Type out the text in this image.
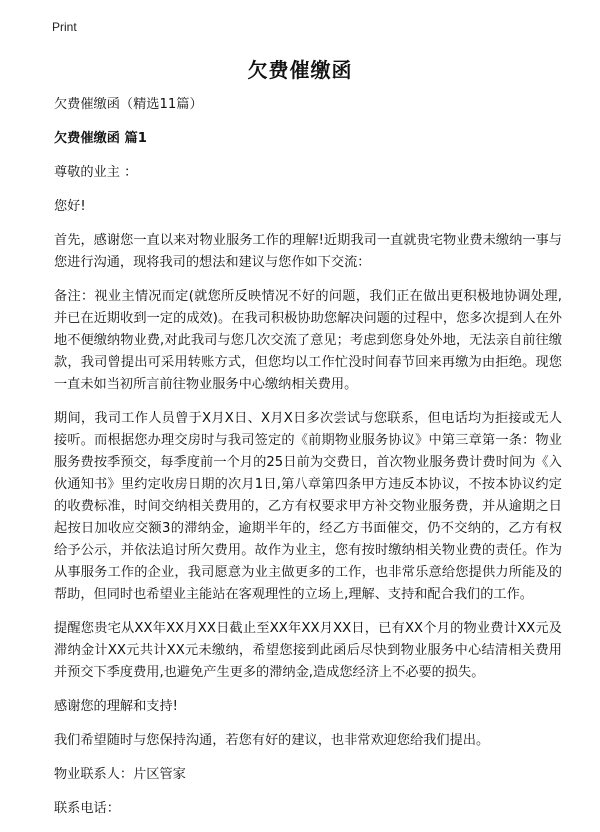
Print
欠费催缴函

欠费催缴函（精选11篇）

欠费催缴函 篇1

尊敬的业主 ：

您好!

首先，感谢您一直以来对物业服务工作的理解!近期我司一直就贵宅物业费未缴纳一事与您进行沟通，现将我司的想法和建议与您作如下交流：

备注：视业主情况而定(就您所反映情况不好的问题，我们正在做出更积极地协调处理,并已在近期收到一定的成效)。在我司积极协助您解决问题的过程中，您多次提到人在外地不便缴纳物业费,对此我司与您几次交流了意见；考虑到您身处外地，无法亲自前往缴款，我司曾提出可采用转账方式，但您均以工作忙没时间春节回来再缴为由拒绝。现您一直未如当初所言前往物业服务中心缴纳相关费用。

期间，我司工作人员曾于X月X日、X月X日多次尝试与您联系，但电话均为拒接或无人接听。而根据您办理交房时与我司签定的《前期物业服务协议》中第三章第一条：物业服务费按季预交，每季度前一个月的25日前为交费日，首次物业服务费计费时间为《入伙通知书》里约定收房日期的次月1日,第八章第四条甲方违反本协议，不按本协议约定的收费标准，时间交纳相关费用的，乙方有权要求甲方补交物业服务费，并从逾期之日起按日加收应交额3的滞纳金，逾期半年的，经乙方书面催交，仍不交纳的，乙方有权给予公示，并依法追讨所欠费用。故作为业主，您有按时缴纳相关物业费的责任。作为从事服务工作的企业，我司愿意为业主做更多的工作，也非常乐意给您提供力所能及的帮助，但同时也希望业主能站在客观理性的立场上,理解、支持和配合我们的工作。

提醒您贵宅从XX年XX月XX日截止至XX年XX月XX日，已有XX个月的物业费计XX元及滞纳金计XX元共计XX元未缴纳，希望您接到此函后尽快到物业服务中心结清相关费用并预交下季度费用,也避免产生更多的滞纳金,造成您经济上不必要的损失。

感谢您的理解和支持!

我们希望随时与您保持沟通，若您有好的建议，也非常欢迎您给我们提出。

物业联系人：片区管家

联系电话：
